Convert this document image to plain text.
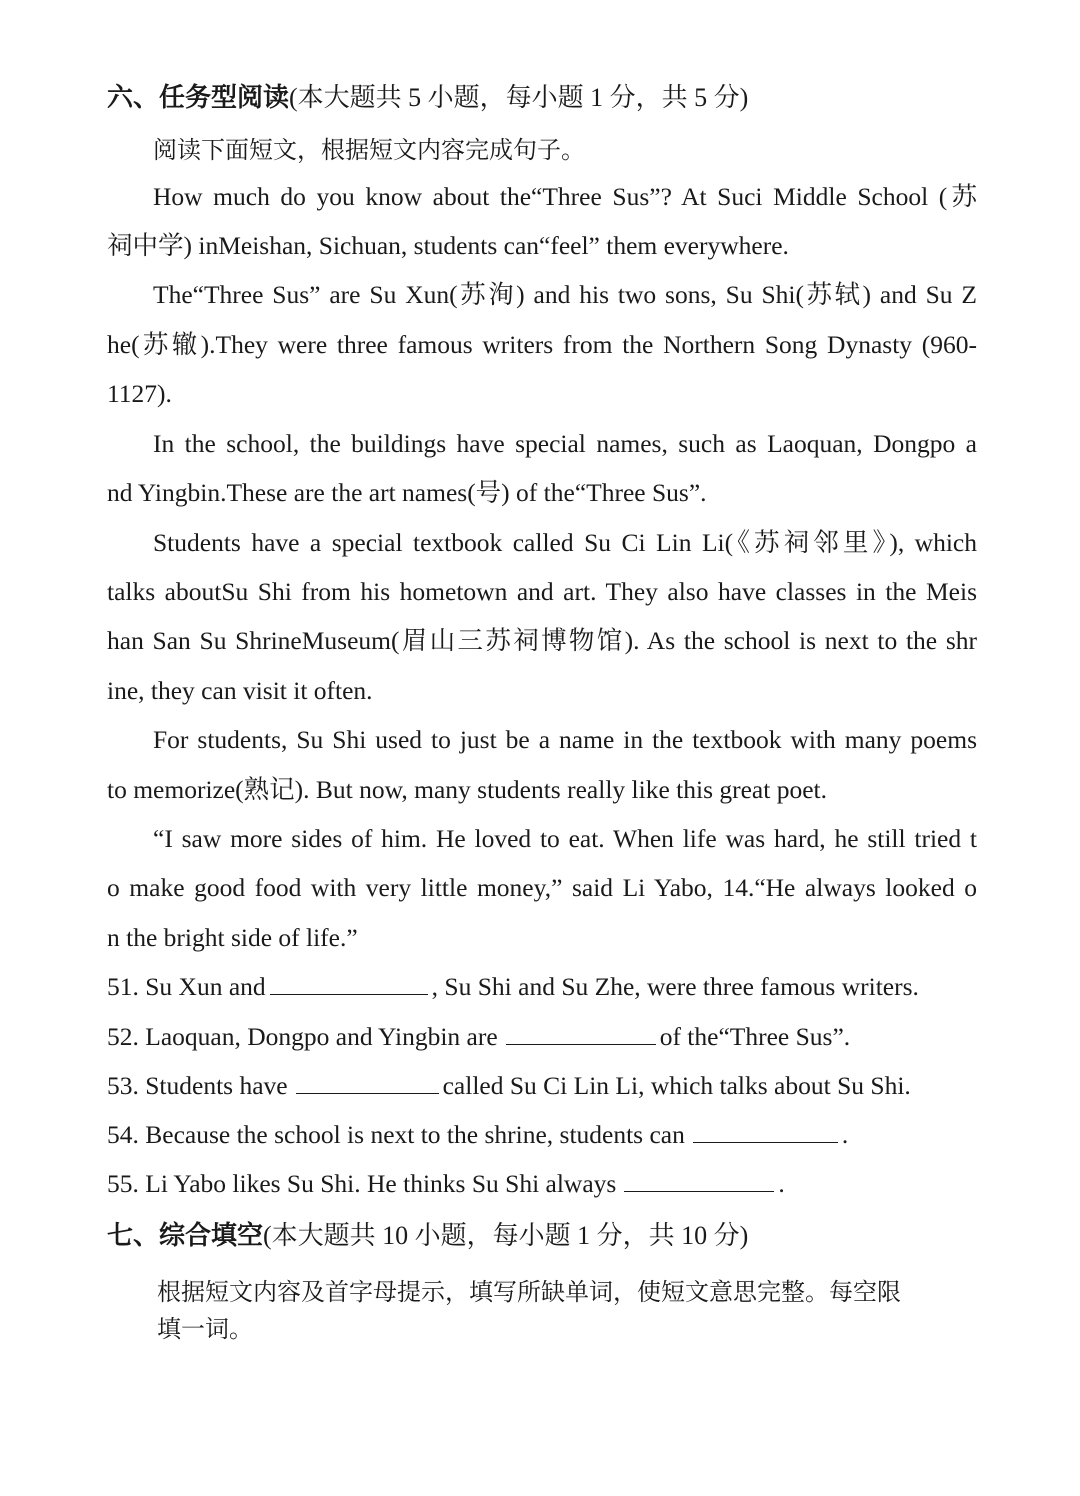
六、任务型阅读(本大题共 5 小题，每小题 1 分，共 5 分)
阅读下面短文，根据短文内容完成句子。
How much do you know about the“Three Sus”? At Suci Middle School (苏
祠中学) inMeishan, Sichuan, students can“feel” them everywhere.
The“Three Sus” are Su Xun(苏洵) and his two sons, Su Shi(苏轼) and Su Z
he(苏辙).They were three famous writers from the Northern Song Dynasty (960-
1127).
In the school, the buildings have special names, such as Laoquan, Dongpo a
nd Yingbin.These are the art names(号) of the“Three Sus”.
Students have a special textbook called Su Ci Lin Li(《苏祠邻里》), which
talks aboutSu Shi from his hometown and art. They also have classes in the Meis
han San Su ShrineMuseum(眉山三苏祠博物馆). As the school is next to the shr
ine, they can visit it often.
For students, Su Shi used to just be a name in the textbook with many poems
to memorize(熟记). But now, many students really like this great poet.
“I saw more sides of him. He loved to eat. When life was hard, he still tried t
o make good food with very little money,” said Li Yabo, 14.“He always looked o
n the bright side of life.”
51. Su Xun and	, Su Shi and Su Zhe, were three famous writers.
52. Laoquan, Dongpo and Yingbin are	of the“Three Sus”.
53. Students have	called Su Ci Lin Li, which talks about Su Shi.
54. Because the school is next to the shrine, students can	.
55. Li Yabo likes Su Shi. He thinks Su Shi always	.
七、综合填空(本大题共 10 小题，每小题 1 分，共 10 分)
根据短文内容及首字母提示，填写所缺单词，使短文意思完整。每空限
填一词。
